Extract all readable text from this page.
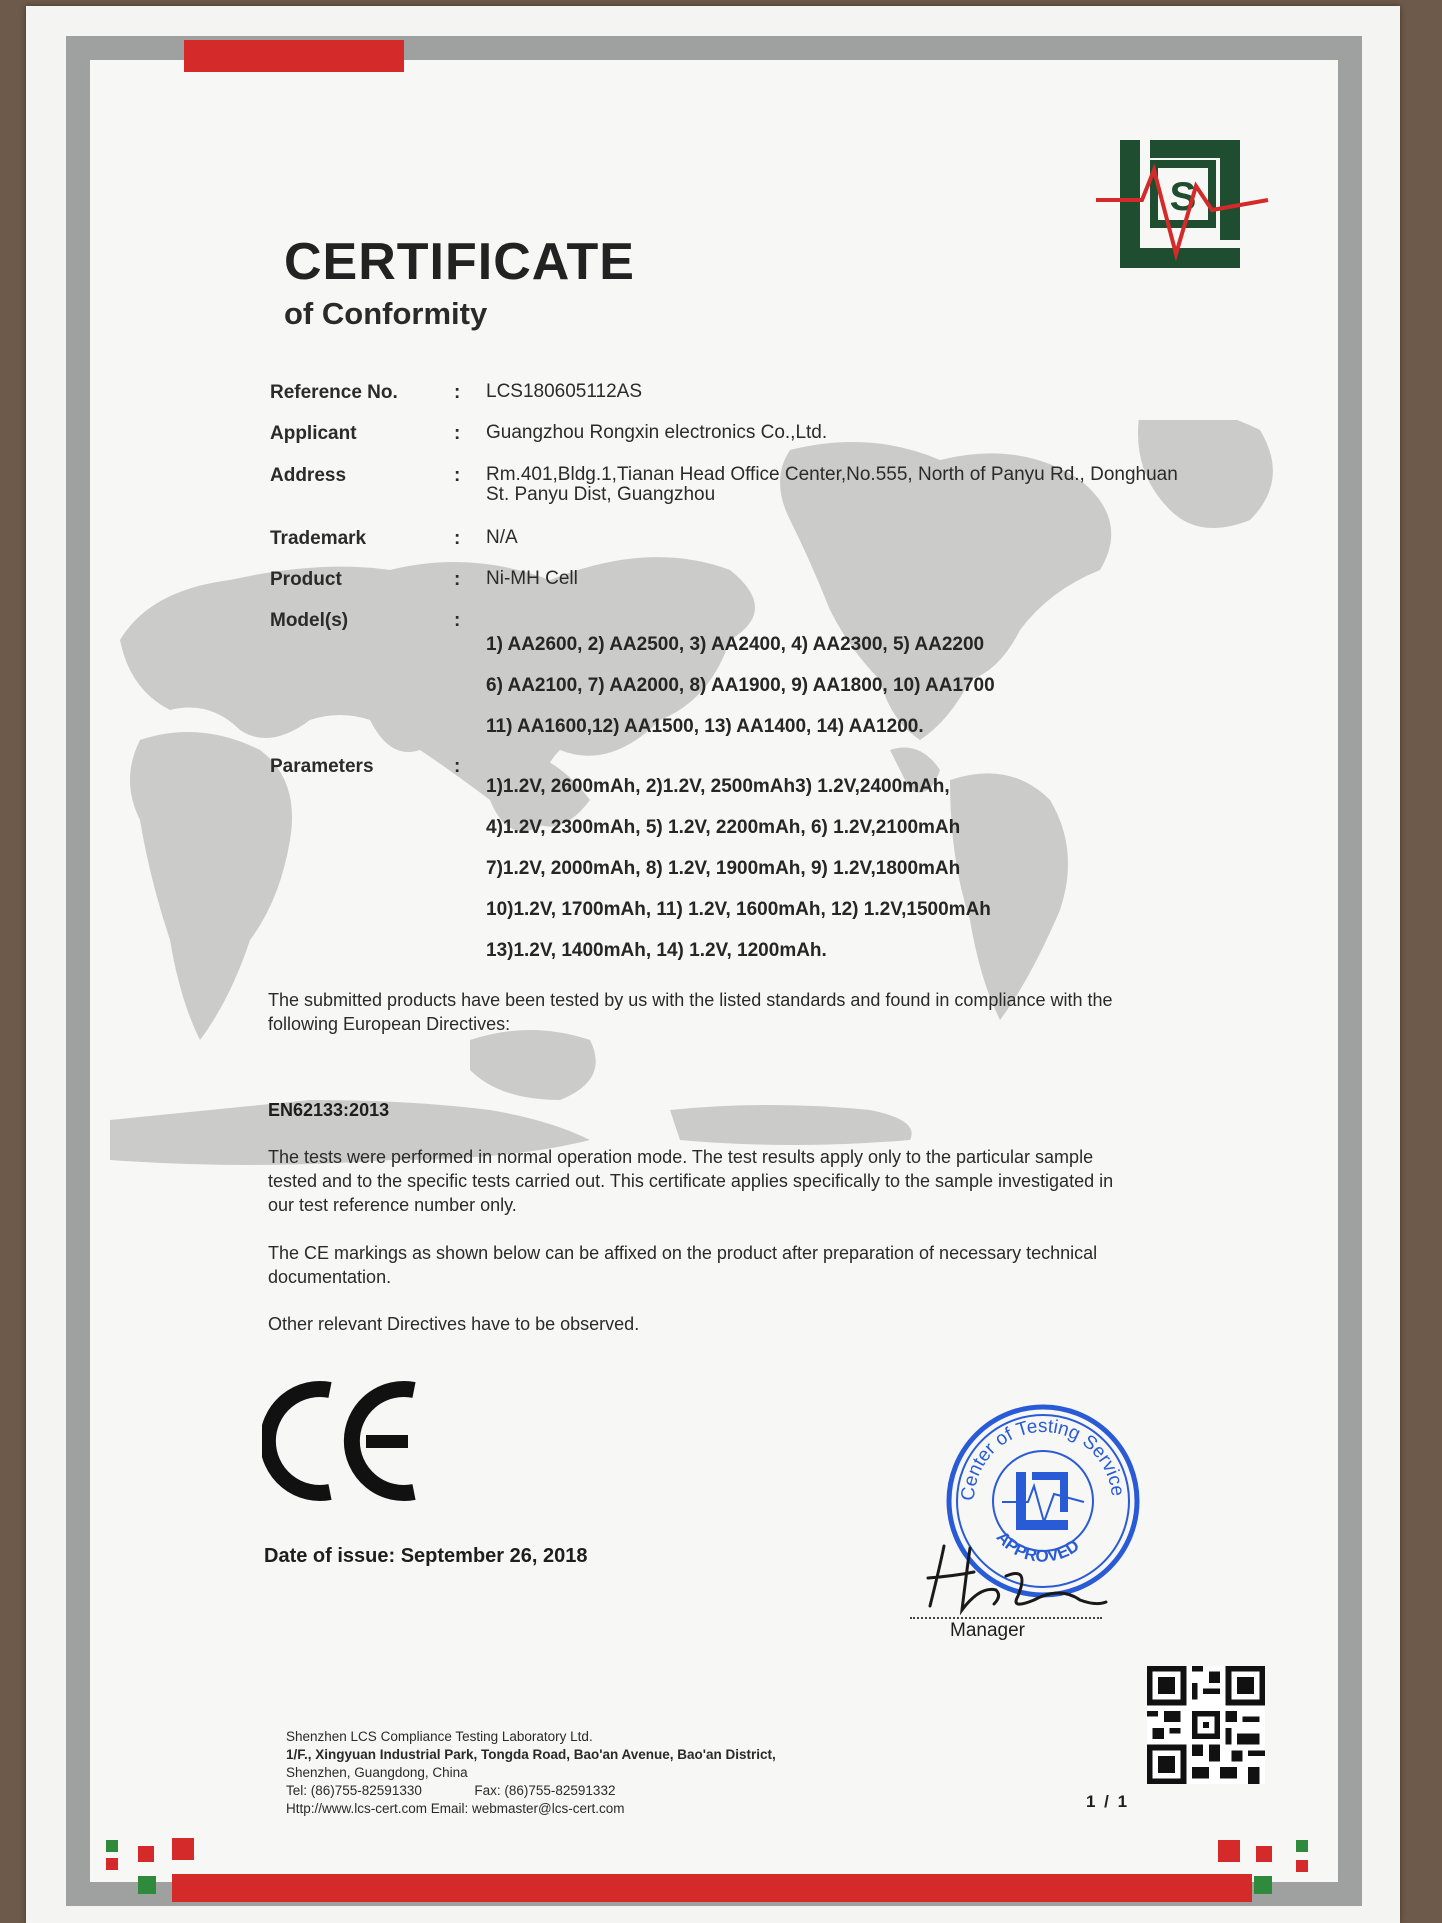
S
CERTIFICATE
of Conformity
Reference No.	: LCS180605112AS
Applicant	: Guangzhou Rongxin electronics Co.,Ltd.
Address	: Rm.401,Bldg.1,Tianan Head Office Center,No.555, North of Panyu Rd., Donghuan St. Panyu Dist, Guangzhou
Trademark	: N/A
Product	: Ni-MH Cell
Model(s)	:
1) AA2600, 2) AA2500, 3) AA2400, 4) AA2300, 5) AA2200
6) AA2100, 7) AA2000, 8) AA1900, 9) AA1800, 10) AA1700
11) AA1600,12) AA1500, 13) AA1400, 14) AA1200.
Parameters	:
1)1.2V, 2600mAh, 2)1.2V, 2500mAh3) 1.2V,2400mAh,
4)1.2V, 2300mAh, 5) 1.2V, 2200mAh, 6) 1.2V,2100mAh
7)1.2V, 2000mAh, 8) 1.2V, 1900mAh, 9) 1.2V,1800mAh
10)1.2V, 1700mAh, 11) 1.2V, 1600mAh, 12) 1.2V,1500mAh
13)1.2V, 1400mAh, 14) 1.2V, 1200mAh.
The submitted products have been tested by us with the listed standards and found in compliance with the following European Directives:
EN62133:2013
The tests were performed in normal operation mode. The test results apply only to the particular sample tested and to the specific tests carried out. This certificate applies specifically to the sample investigated in our test reference number only.
The CE markings as shown below can be affixed on the product after preparation of necessary technical documentation.
Other relevant Directives have to be observed.
Date of issue: September 26, 2018
Center of Testing Service
APPROVED
Manager
Shenzhen LCS Compliance Testing Laboratory Ltd.
1/F., Xingyuan Industrial Park, Tongda Road, Bao'an Avenue, Bao'an District,
Shenzhen, Guangdong, China
Tel: (86)755-82591330              Fax: (86)755-82591332
Http://www.lcs-cert.com Email: webmaster@lcs-cert.com	1 / 1
